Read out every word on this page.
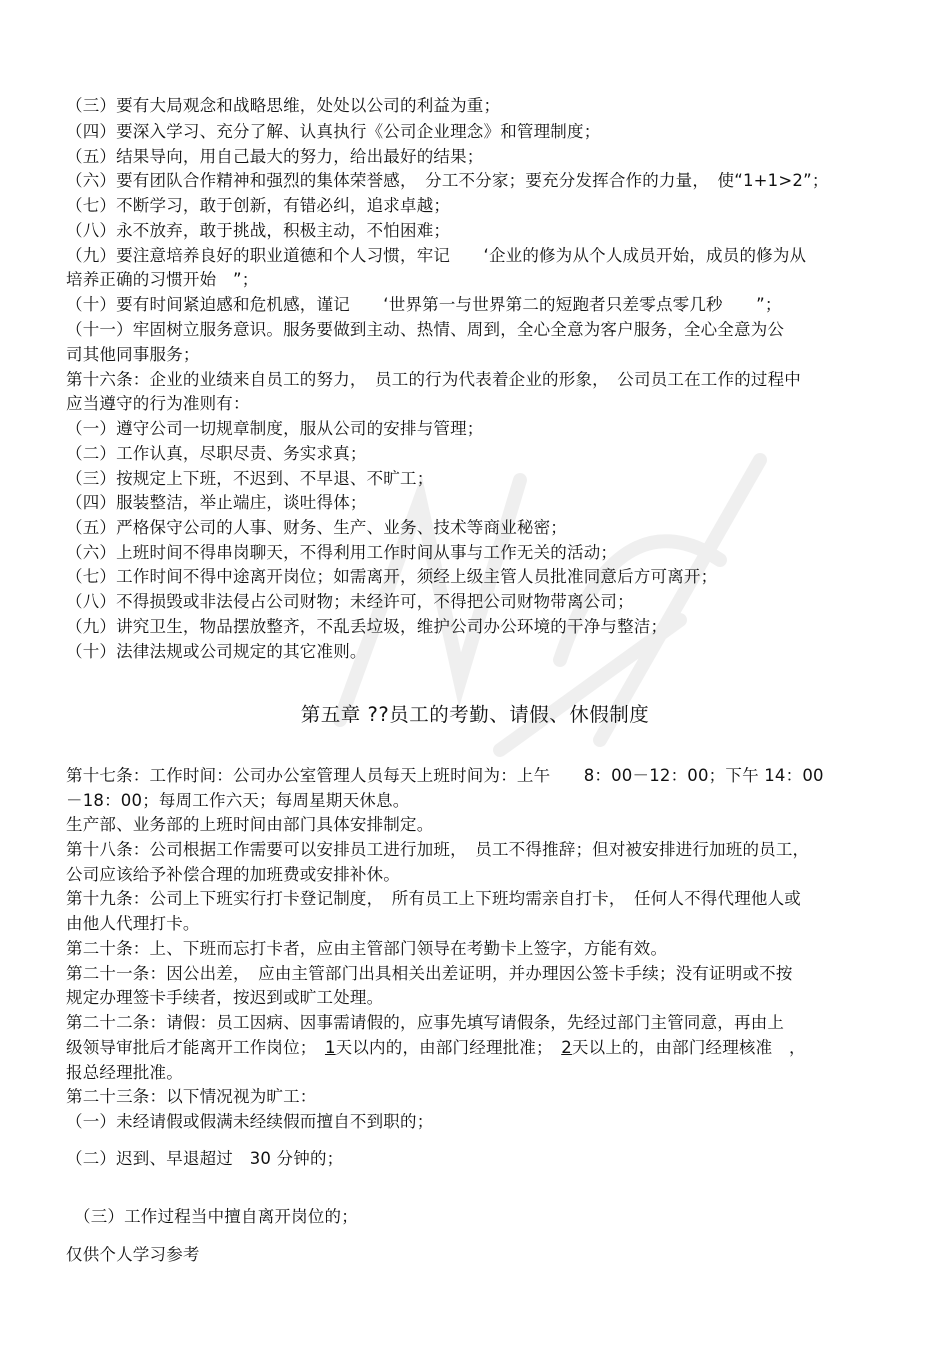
（三）要有大局观念和战略思维，处处以公司的利益为重；
（四）要深入学习、充分了解、认真执行《公司企业理念》和管理制度；
（五）结果导向，用自己最大的努力，给出最好的结果；
（六）要有团队合作精神和强烈的集体荣誉感，　分工不分家；要充分发挥合作的力量，　使“1+1>2”；
（七）不断学习，敢于创新，有错必纠，追求卓越；
（八）永不放弃，敢于挑战，积极主动，不怕困难；
（九）要注意培养良好的职业道德和个人习惯，牢记　　‘企业的修为从个人成员开始，成员的修为从
培养正确的习惯开始　”；
（十）要有时间紧迫感和危机感，谨记　　‘世界第一与世界第二的短跑者只差零点零几秒　　”；
（十一）牢固树立服务意识。服务要做到主动、热情、周到，全心全意为客户服务，全心全意为公
司其他同事服务；
第十六条：企业的业绩来自员工的努力，　员工的行为代表着企业的形象，　公司员工在工作的过程中
应当遵守的行为准则有：
（一）遵守公司一切规章制度，服从公司的安排与管理；
（二）工作认真，尽职尽责、务实求真；
（三）按规定上下班，不迟到、不早退、不旷工；
（四）服装整洁，举止端庄，谈吐得体；
（五）严格保守公司的人事、财务、生产、业务、技术等商业秘密；
（六）上班时间不得串岗聊天，不得利用工作时间从事与工作无关的活动；
（七）工作时间不得中途离开岗位；如需离开，须经上级主管人员批准同意后方可离开；
（八）不得损毁或非法侵占公司财物；未经许可，不得把公司财物带离公司；
（九）讲究卫生，物品摆放整齐，不乱丢垃圾，维护公司办公环境的干净与整洁；
（十）法律法规或公司规定的其它准则。
第五章 ??员工的考勤、请假、休假制度
第十七条：工作时间：公司办公室管理人员每天上班时间为：上午　　8：00－12：00；下午 14：00
－18：00；每周工作六天；每周星期天休息。
生产部、业务部的上班时间由部门具体安排制定。
第十八条：公司根据工作需要可以安排员工进行加班，　员工不得推辞；但对被安排进行加班的员工，
公司应该给予补偿合理的加班费或安排补休。
第十九条：公司上下班实行打卡登记制度，　所有员工上下班均需亲自打卡，　任何人不得代理他人或
由他人代理打卡。
第二十条：上、下班而忘打卡者，应由主管部门领导在考勤卡上签字，方能有效。
第二十一条：因公出差，　应由主管部门出具相关出差证明，并办理因公签卡手续；没有证明或不按
规定办理签卡手续者，按迟到或旷工处理。
第二十二条：请假：员工因病、因事需请假的，应事先填写请假条，先经过部门主管同意，再由上
级领导审批后才能离开工作岗位；　1天以内的，由部门经理批准；　2天以上的，由部门经理核准　，
报总经理批准。
第二十三条：以下情况视为旷工：
（一）未经请假或假满未经续假而擅自不到职的；
（二）迟到、早退超过　30 分钟的；
（三）工作过程当中擅自离开岗位的；
仅供个人学习参考
